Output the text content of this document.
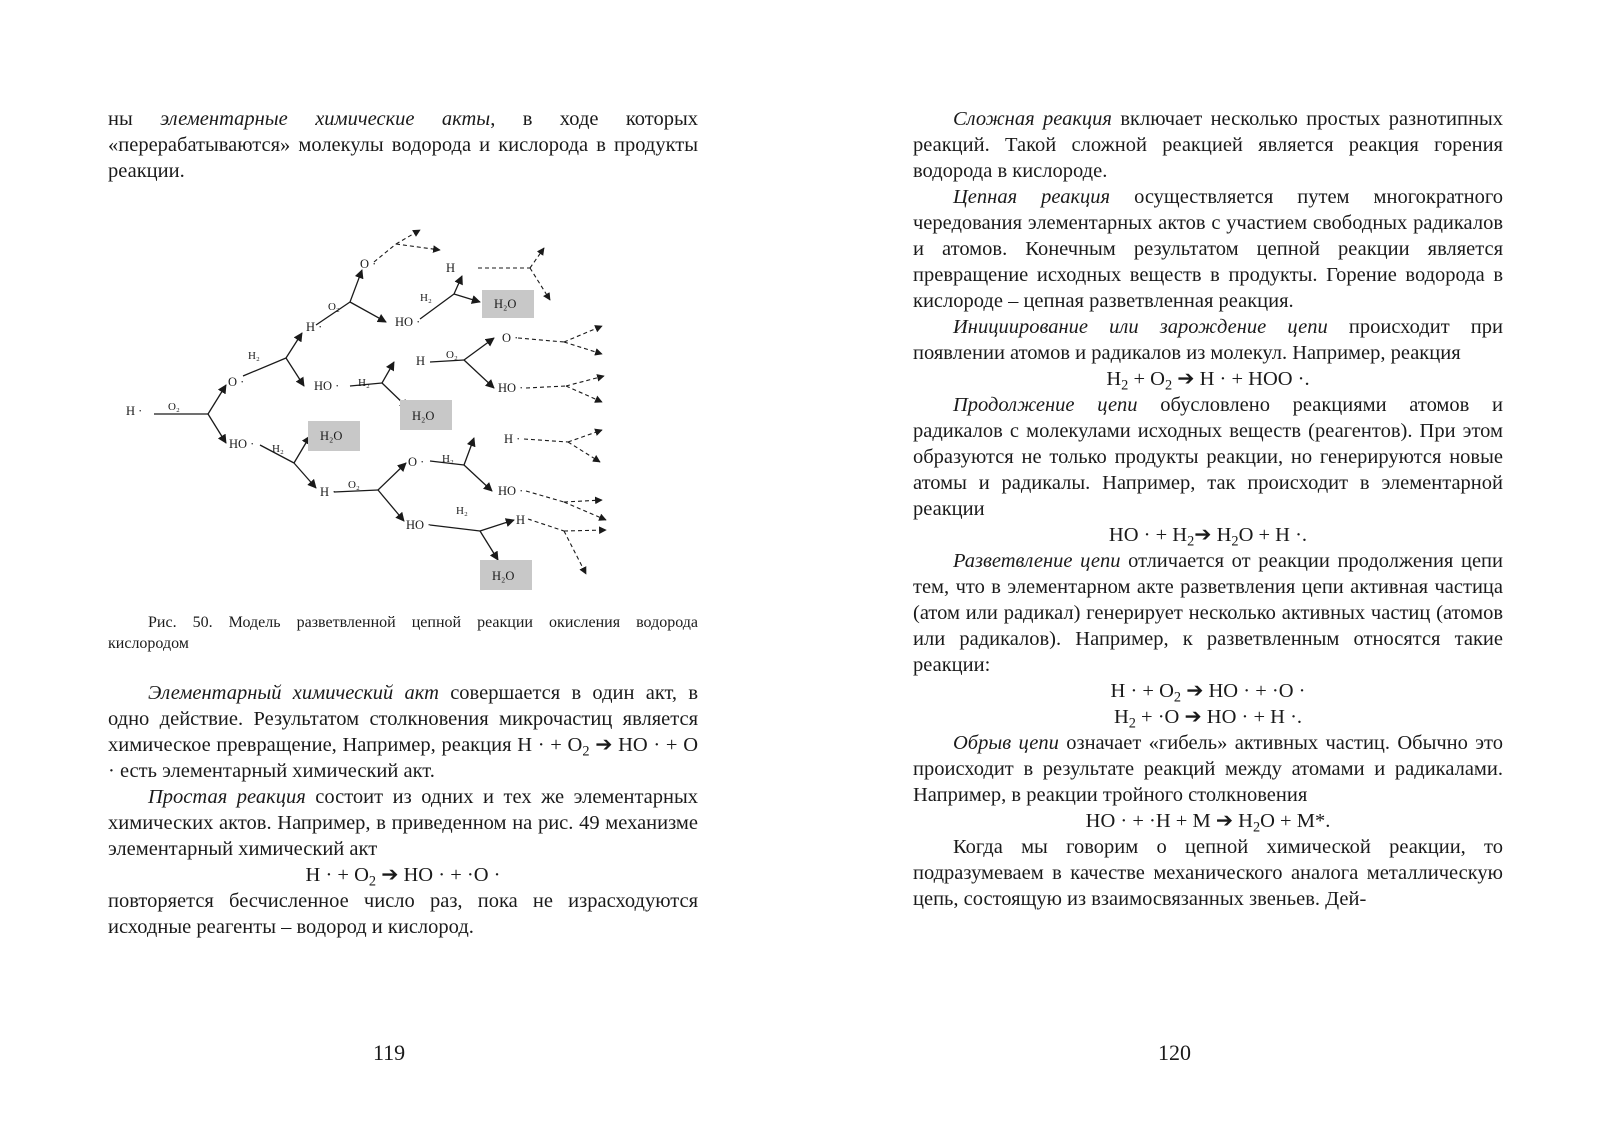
ны элементарные химические акты, в ходе которых «перерабатываются» молекулы водорода и кислорода в продукты реакции.

H · O₂
O ·
HO ·
H₂
H ·
O₂
O ·
HO ·
H
H₂	H₂O
HO · H₂
H₂O
H O₂
O ·
HO ·
H₂
H₂O
H · O₂
O · H₂
H ·
HO ·
HO ·
H₂
H ·
H₂O
Рис. 50. Модель разветвленной цепной реакции окисления водорода кислородом

Элементарный химический акт совершается в один акт, в одно действие. Результатом столкновения микрочастиц является химическое превращение, Например, реакция H · + $O_2$ ➔ HO · + O · есть элементарный химический акт.

Простая реакция состоит из одних и тех же элементарных химических актов. Например, в приведенном на рис. 49 механизме элементарный химический акт

H · + $O_2$ ➔ HO · + ·O ·

повторяется бесчисленное число раз, пока не израсходуются исходные реагенты – водород и кислород.

119

Сложная реакция включает несколько простых разнотипных реакций. Такой сложной реакцией является реакция горения водорода в кислороде.

Цепная реакция осуществляется путем многократного чередования элементарных актов с участием свободных радикалов и атомов. Конечным результатом цепной реакции является превращение исходных веществ в продукты. Горение водорода в кислороде – цепная разветвленная реакция.

Инициирование или зарождение цепи происходит при появлении атомов и радикалов из молекул. Например, реакция

$H_2 + O_2$ ➔ H · + HOO ·.

Продолжение цепи обусловлено реакциями атомов и радикалов с молекулами исходных веществ (реагентов). При этом образуются не только продукты реакции, но генерируются новые атомы и радикалы. Например, так происходит в элементарной реакции

HO · + $H_2➔$ $H_2O + H$ ·.

Разветвление цепи отличается от реакции продолжения цепи тем, что в элементарном акте разветвления цепи активная частица (атом или радикал) генерирует несколько активных частиц (атомов или радикалов). Например, к разветвленным относятся такие реакции:

H · + $O_2$ ➔ HO · + ·O ·

$H_2 + \cdot O$ ➔ HO · + H ·.

Обрыв цепи означает «гибель» активных частиц. Обычно это происходит в результате реакций между атомами и радикалами. Например, в реакции тройного столкновения

HO · + ·H + M ➔ $H_2O + M*$.

Когда мы говорим о цепной химической реакции, то подразумеваем в качестве механического аналога металлическую цепь, состоящую из взаимосвязанных звеньев. Дей-

120
